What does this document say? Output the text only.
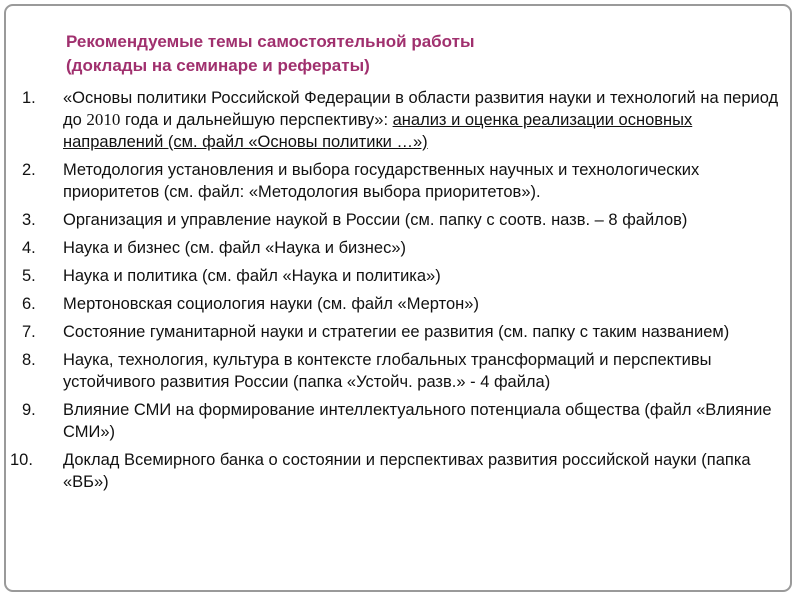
Рекомендуемые темы самостоятельной работы
(доклады на семинаре и рефераты)
1.	«Основы политики Российской Федерации в области развития науки и технологий на период до 2010 года и дальнейшую перспективу»: анализ и оценка реализации основных направлений (см. файл «Основы политики …»)
2.	Методология установления и выбора государственных научных и технологических приоритетов (см. файл: «Методология выбора приоритетов»).
3.	Организация и управление наукой в России (см. папку с соотв. назв. – 8 файлов)
4.	Наука и бизнес (см. файл «Наука и бизнес»)
5.	Наука и политика (см. файл «Наука и политика»)
6.	Мертоновская социология науки (см. файл «Мертон»)
7.	Состояние гуманитарной науки и стратегии ее развития (см. папку с таким названием)
8.	Наука, технология, культура в контексте глобальных трансформаций и перспективы устойчивого развития России (папка «Устойч. разв.» - 4 файла)
9.	Влияние СМИ на формирование интеллектуального потенциала общества (файл «Влияние СМИ»)
10.	Доклад Всемирного банка о состоянии и перспективах развития российской науки (папка «ВБ»)
